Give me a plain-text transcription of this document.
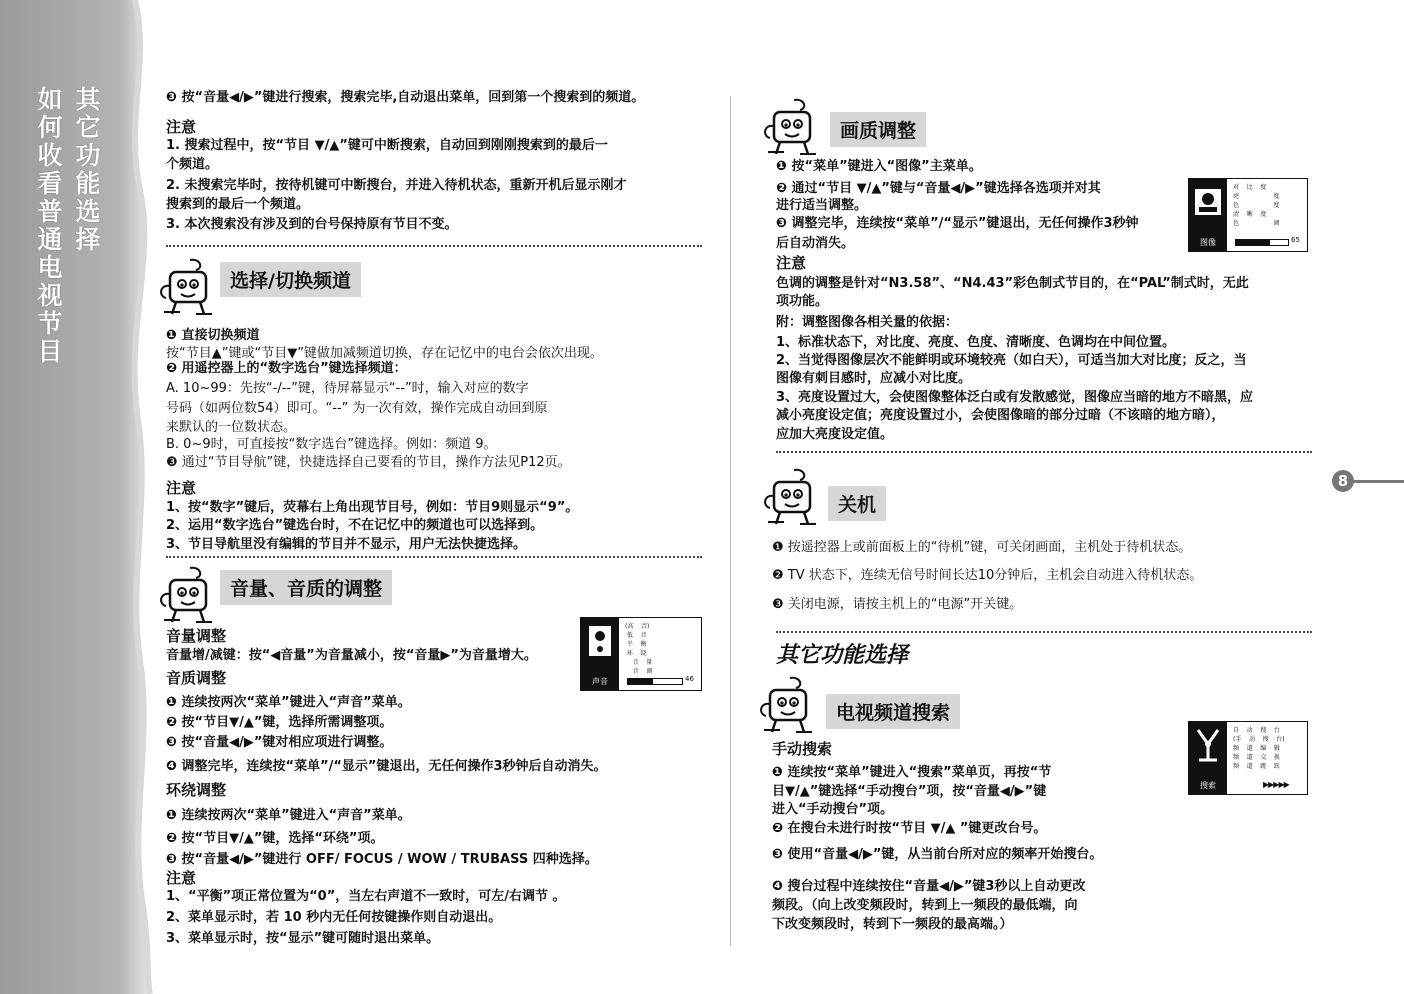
其它功能选择
如何收看普通电视节目
8
❸ 按“音量◀/▶”键进行搜索，搜索完毕,自动退出菜单，回到第一个搜索到的频道。
注意
1. 搜索过程中，按“节目 ▼/▲”键可中断搜索，自动回到刚刚搜索到的最后一
个频道。
2. 未搜索完毕时，按待机键可中断搜台，并进入待机状态，重新开机后显示刚才
搜索到的最后一个频道。
3. 本次搜索没有涉及到的台号保持原有节目不变。
选择/切换频道
❶ 直接切换频道
按“节目▲”键或“节目▼”键做加减频道切换，存在记忆中的电台会依次出现。
❷ 用遥控器上的“数字选台”键选择频道：
A. 10~99：先按“-/--”键，待屏幕显示“--”时，输入对应的数字
号码（如两位数54）即可。“--” 为一次有效，操作完成自动回到原
来默认的一位数状态。
B. 0~9时，可直接按“数字选台”键选择。例如：频道 9。
❸ 通过“节目导航”键，快捷选择自己要看的节目，操作方法见P12页。
注意
1、按“数字”键后，荧幕右上角出现节目号，例如：节目9则显示“9”。
2、运用“数字选台”键选台时，不在记忆中的频道也可以选择到。
3、节目导航里没有编辑的节目并不显示，用户无法快捷选择。
音量、音质的调整
音量调整
音量增/减键：按“◀音量”为音量减小，按“音量▶”为音量增大。
音质调整
❶ 连续按两次“菜单”键进入“声音”菜单。
❷ 按“节目▼/▲”键，选择所需调整项。
❸ 按“音量◀/▶”键对相应项进行调整。
❹ 调整完毕，连续按“菜单”/“显示”键退出，无任何操作3秒钟后自动消失。
环绕调整
❶ 连续按两次“菜单”键进入“声音”菜单。
❷ 按“节目▼/▲”键，选择“环绕”项。
❸ 按“音量◀/▶”键进行 OFF/ FOCUS / WOW / TRUBASS 四种选择。
注意
1、“平衡”项正常位置为“0”，当左右声道不一致时，可左/右调节 。
2、菜单显示时，若 10 秒内无任何按键操作则自动退出。
3、菜单显示时，按“显示”键可随时退出菜单。
声音
(高    音)
低    音
平    衡
环    绕
音    量
音    调
46
画质调整
❶ 按“菜单”键进入“图像”主菜单。
❷ 通过“节目 ▼/▲”键与“音量◀/▶”键选择各选项并对其
进行适当调整。
❸ 调整完毕，连续按“菜单”/“显示”键退出，无任何操作3秒钟
后自动消失。
注意
色调的调整是针对“N3.58”、“N4.43”彩色制式节目的，在“PAL”制式时，无此
项功能。
附：调整图像各相关量的依据：
1、标准状态下，对比度、亮度、色度、清晰度、色调均在中间位置。
2、当觉得图像层次不能鲜明或环境较亮（如白天），可适当加大对比度；反之，当
图像有刺目感时，应减小对比度。
3、亮度设置过大，会使图像整体泛白或有发散感觉，图像应当暗的地方不暗黑，应
减小亮度设定值；亮度设置过小，会使图像暗的部分过暗（不该暗的地方暗），
应加大亮度设定值。
图像
对    比    度
亮                  度
色                  度
清    晰    度
色                  调
65
关机
❶ 按遥控器上或前面板上的“待机”键，可关闭画面，主机处于待机状态。
❷ TV 状态下，连续无信号时间长达10分钟后，主机会自动进入待机状态。
❸ 关闭电源，请按主机上的“电源”开关键。
其它功能选择
电视频道搜索
手动搜索
❶ 连续按“菜单”键进入“搜索”菜单页，再按“节
目▼/▲”键选择“手动搜台”项，按“音量◀/▶”键
进入“手动搜台”项。
❷ 在搜台未进行时按“节目 ▼/▲ ”键更改台号。
❸ 使用“音量◀/▶”键，从当前台所对应的频率开始搜台。
❹ 搜台过程中连续按住“音量◀/▶”键3秒以上自动更改
频段。（向上改变频段时，转到上一频段的最低端，向
下改变频段时，转到下一频段的最高端。）
搜索
自    动    搜    台
(手    动    搜    台)
频    道    编    辑
频    道    交    换
频    道    跳    跃
▶▶▶▶▶
